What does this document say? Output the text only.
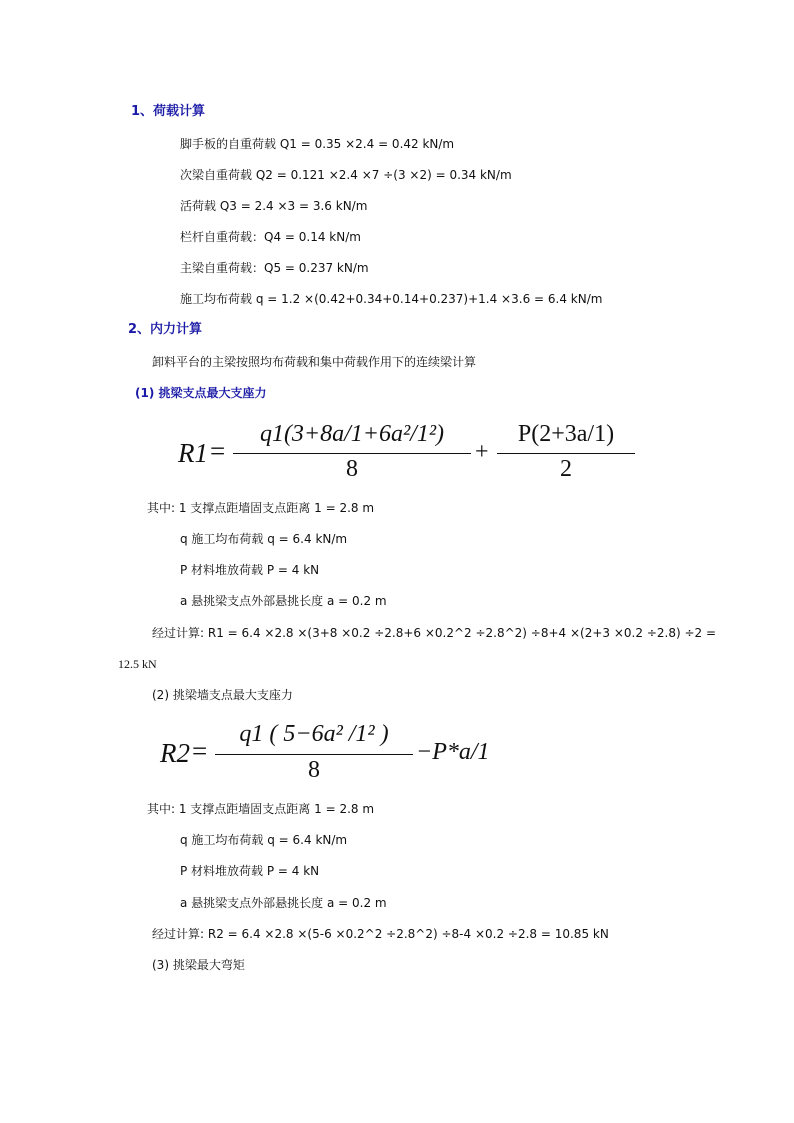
1、荷载计算
脚手板的自重荷载 Q1 = 0.35 ×2.4 = 0.42 kN/m
次梁自重荷载 Q2 = 0.121 ×2.4 ×7 ÷(3 ×2) = 0.34 kN/m
活荷载 Q3 = 2.4 ×3 = 3.6 kN/m
栏杆自重荷载：Q4 = 0.14 kN/m
主梁自重荷载：Q5 = 0.237 kN/m
施工均布荷载 q = 1.2 ×(0.42+0.34+0.14+0.237)+1.4 ×3.6 = 6.4 kN/m
2、内力计算
卸料平台的主梁按照均布荷载和集中荷载作用下的连续梁计算
(1) 挑梁支点最大支座力
R1 =
q1(3+8a/1+6a²/1²)
8
+
P(2+3a/1)
2
其中: 1 支撑点距墙固支点距离 1 = 2.8 m
q 施工均布荷载 q = 6.4 kN/m
P 材料堆放荷载 P = 4 kN
a 悬挑梁支点外部悬挑长度 a = 0.2 m
经过计算: R1 = 6.4 ×2.8 ×(3+8 ×0.2 ÷2.8+6 ×0.2^2 ÷2.8^2) ÷8+4 ×(2+3 ×0.2 ÷2.8) ÷2 =
12.5 kN
(2) 挑梁墙支点最大支座力
R2 =
q1 ( 5−6a² /1² )
8
−P*a/1
其中: 1 支撑点距墙固支点距离 1 = 2.8 m
q 施工均布荷载 q = 6.4 kN/m
P 材料堆放荷载 P = 4 kN
a 悬挑梁支点外部悬挑长度 a = 0.2 m
经过计算: R2 = 6.4 ×2.8 ×(5-6 ×0.2^2 ÷2.8^2) ÷8-4 ×0.2 ÷2.8 = 10.85 kN
(3) 挑梁最大弯矩
